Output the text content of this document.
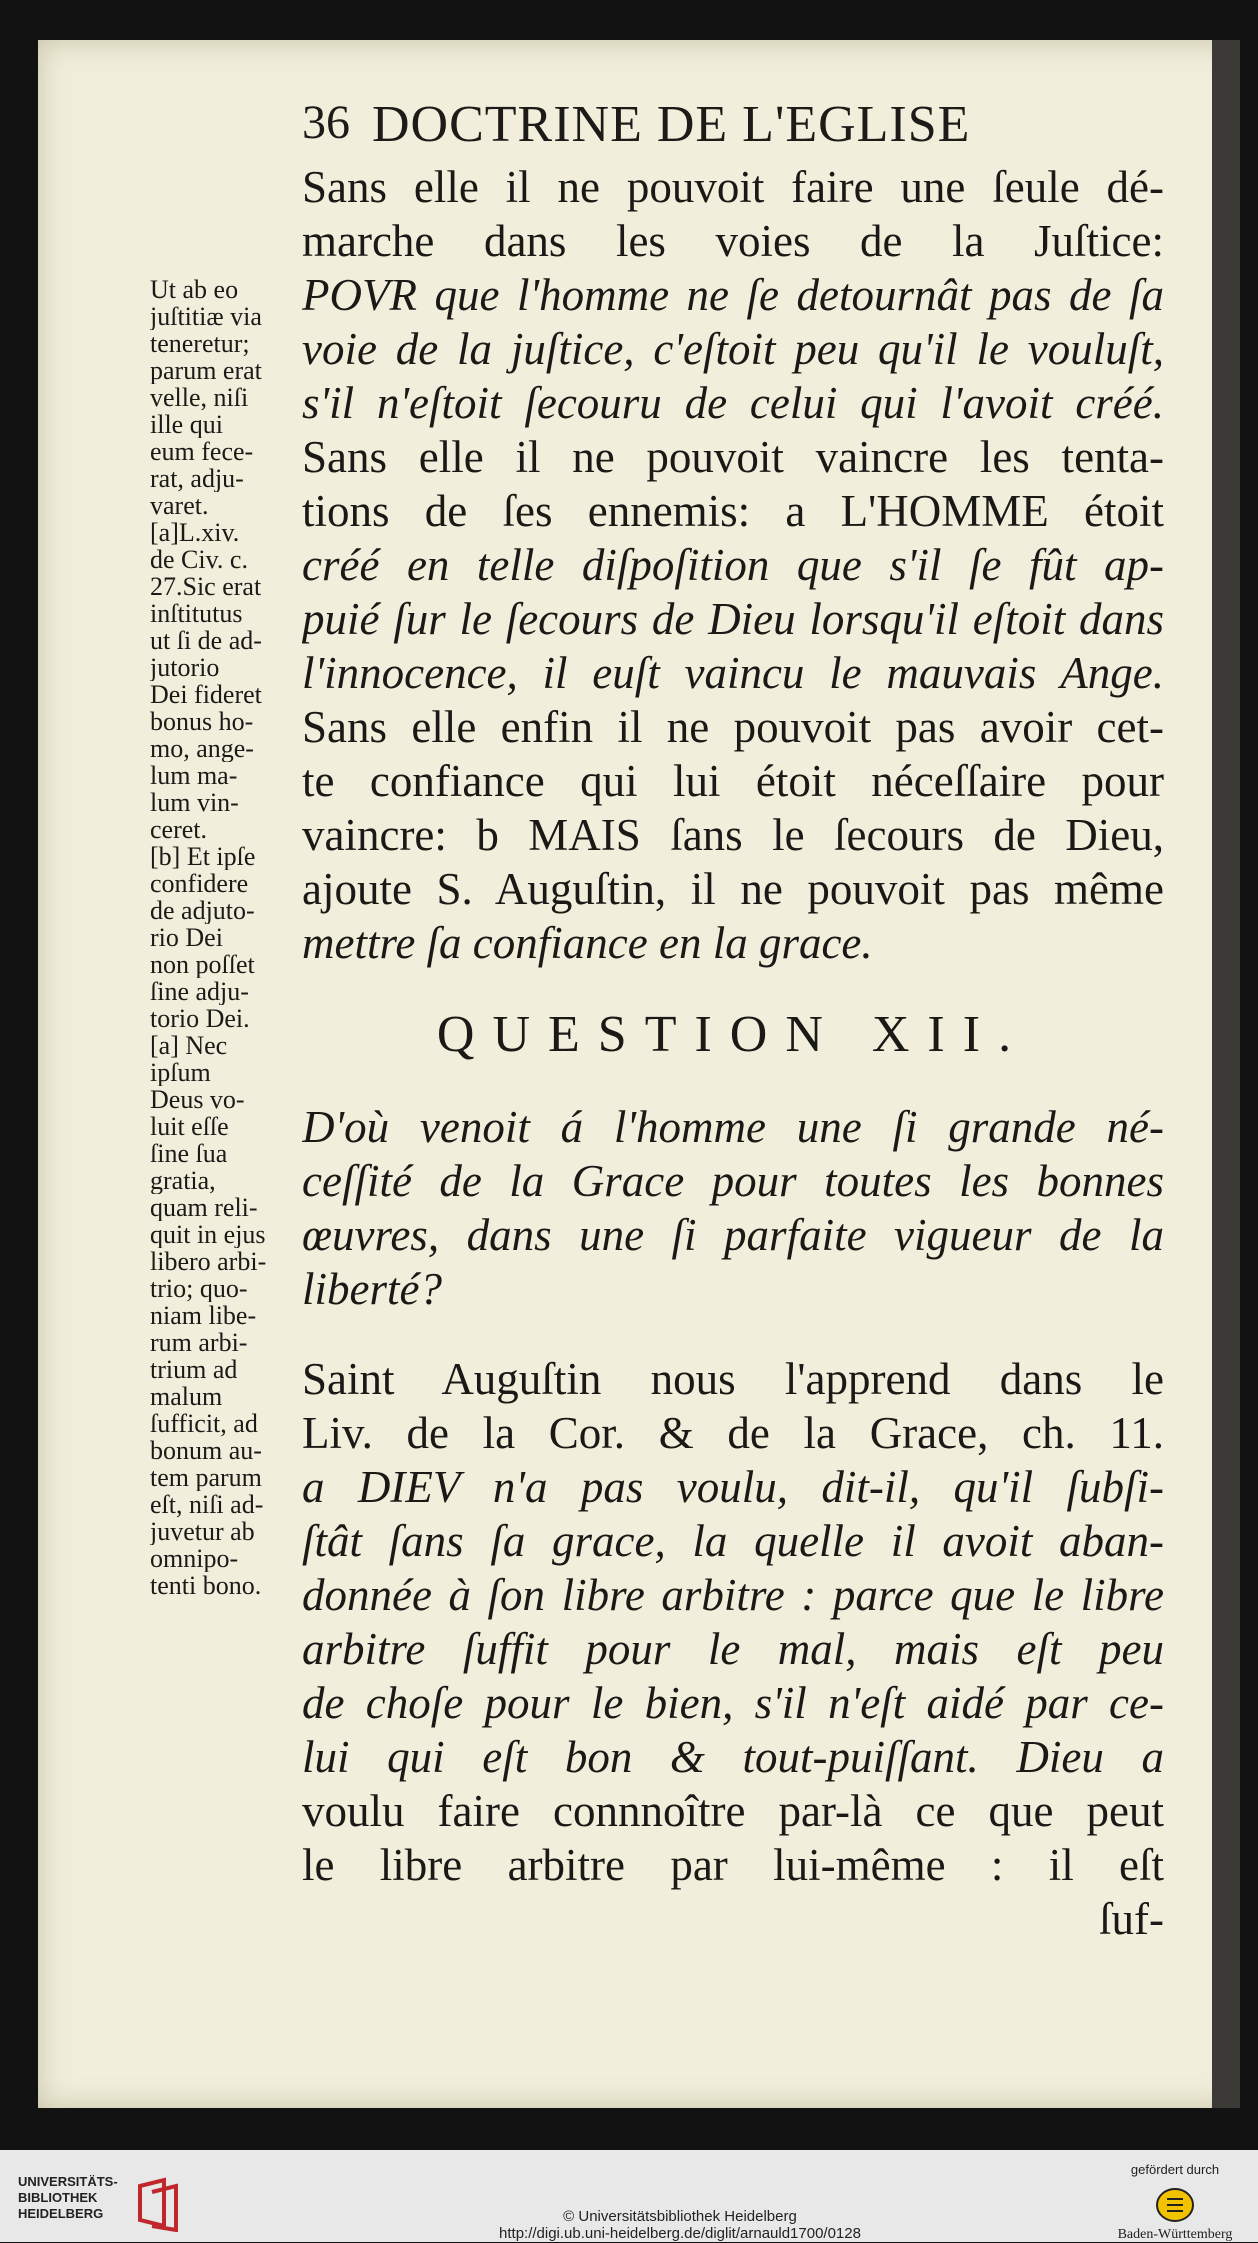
36 DOCTRINE DE L'EGLISE
Ut ab eo
juſtitiæ via
teneretur;
parum erat
velle, niſi
ille qui
eum fece-
rat, adju-
varet.
[a]L.xiv.
de Civ. c.
27.Sic erat
inſtitutus
ut ſi de ad-
jutorio
Dei fideret
bonus ho-
mo, ange-
lum ma-
lum vin-
ceret.
[b] Et ipſe
confidere
de adjuto-
rio Dei
non poſſet
ſine adju-
torio Dei.
[a] Nec
ipſum
Deus vo-
luit eſſe
ſine ſua
gratia,
quam reli-
quit in ejus
libero arbi-
trio; quo-
niam libe-
rum arbi-
trium ad
malum
ſufficit, ad
bonum au-
tem parum
eſt, niſi ad-
juvetur ab
omnipo-
tenti bono.
Sans elle il ne pouvoit faire une ſeule dé-
marche dans les voies de la Juſtice:
POVR que l'homme ne ſe detournât pas de ſa
voie de la juſtice, c'eſtoit peu qu'il le vouluſt,
s'il n'eſtoit ſecouru de celui qui l'avoit créé.
Sans elle il ne pouvoit vaincre les tenta-
tions de ſes ennemis: a L'HOMME étoit
créé en telle diſpoſition que s'il ſe fût ap-
puié ſur le ſecours de Dieu lorsqu'il eſtoit dans
l'innocence, il euſt vaincu le mauvais Ange.
Sans elle enfin il ne pouvoit pas avoir cet-
te confiance qui lui étoit néceſſaire pour
vaincre: b MAIS ſans le ſecours de Dieu,
ajoute S. Auguſtin, il ne pouvoit pas même
mettre ſa confiance en la grace.
QUESTION XII.
D'où venoit á l'homme une ſi grande né-
ceſſité de la Grace pour toutes les bonnes
œuvres, dans une ſi parfaite vigueur de la
liberté?
Saint Auguſtin nous l'apprend dans le
Liv. de la Cor. & de la Grace, ch. 11.
a DIEV n'a pas voulu, dit-il, qu'il ſubſi-
ſtât ſans ſa grace, la quelle il avoit aban-
donnée à ſon libre arbitre : parce que le libre
arbitre ſuffit pour le mal, mais eſt peu
de choſe pour le bien, s'il n'eſt aidé par ce-
lui qui eſt bon & tout-puiſſant. Dieu a
voulu faire connnoître par-là ce que peut
le libre arbitre par lui-même : il eſt
ſuf-
UNIVERSITÄTS-
BIBLIOTHEK
HEIDELBERG	© Universitätsbibliothek Heidelberg
http://digi.ub.uni-heidelberg.de/diglit/arnauld1700/0128
gefördert durch
Baden-Württemberg
